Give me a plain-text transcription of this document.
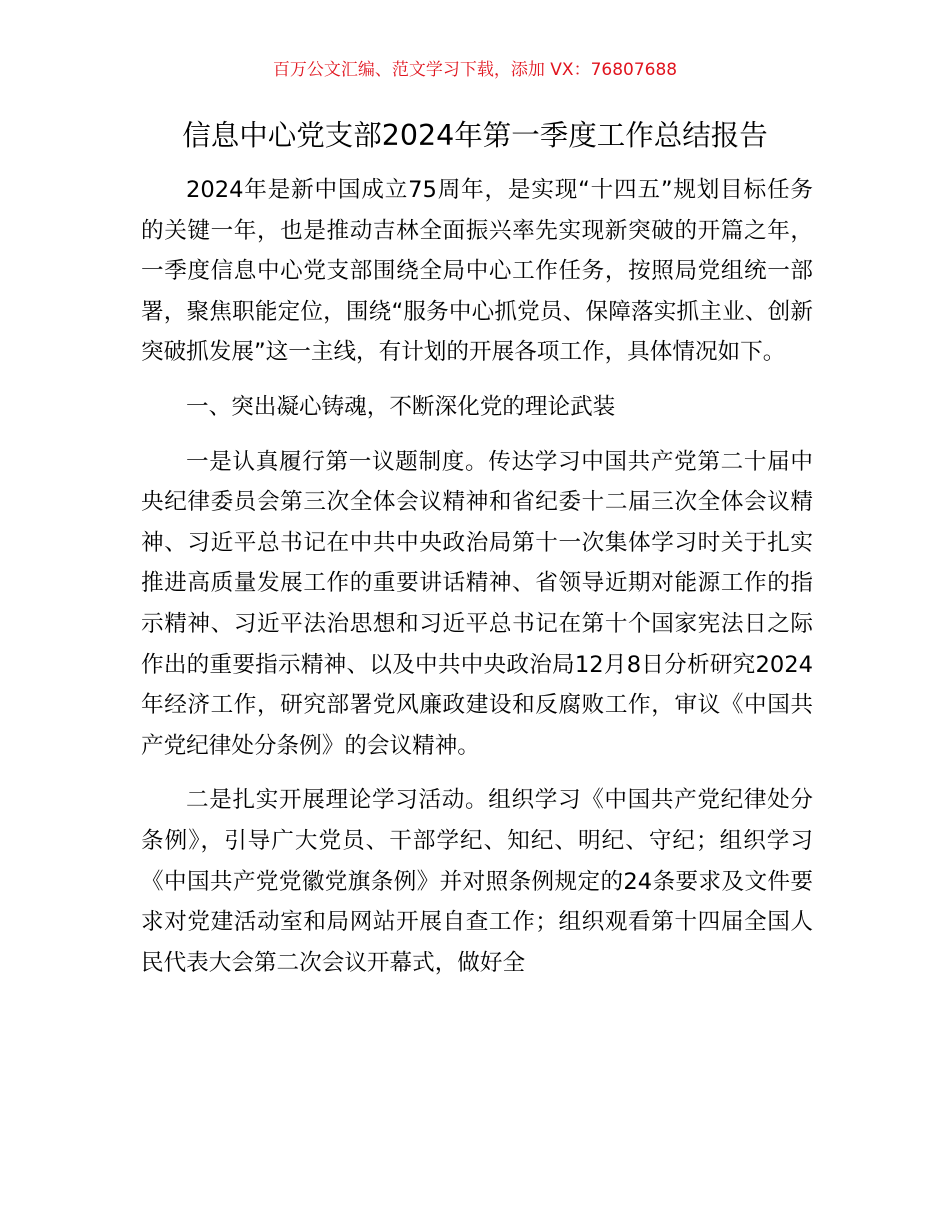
百万公文汇编、范文学习下载，添加 VX：76807688
信息中心党支部2024年第一季度工作总结报告

2024年是新中国成立75周年，是实现“十四五”规划目标任务的关键一年，也是推动吉林全面振兴率先实现新突破的开篇之年，一季度信息中心党支部围绕全局中心工作任务，按照局党组统一部署，聚焦职能定位，围绕“服务中心抓党员、保障落实抓主业、创新突破抓发展”这一主线，有计划的开展各项工作，具体情况如下。

一、突出凝心铸魂，不断深化党的理论武装

一是认真履行第一议题制度。传达学习中国共产党第二十届中央纪律委员会第三次全体会议精神和省纪委十二届三次全体会议精神、习近平总书记在中共中央政治局第十一次集体学习时关于扎实推进高质量发展工作的重要讲话精神、省领导近期对能源工作的指示精神、习近平法治思想和习近平总书记在第十个国家宪法日之际作出的重要指示精神、以及中共中央政治局12月8日分析研究2024年经济工作，研究部署党风廉政建设和反腐败工作，审议《中国共产党纪律处分条例》的会议精神。

二是扎实开展理论学习活动。组织学习《中国共产党纪律处分条例》，引导广大党员、干部学纪、知纪、明纪、守纪；组织学习《中国共产党党徽党旗条例》并对照条例规定的24条要求及文件要求对党建活动室和局网站开展自查工作；组织观看第十四届全国人民代表大会第二次会议开幕式，做好全
